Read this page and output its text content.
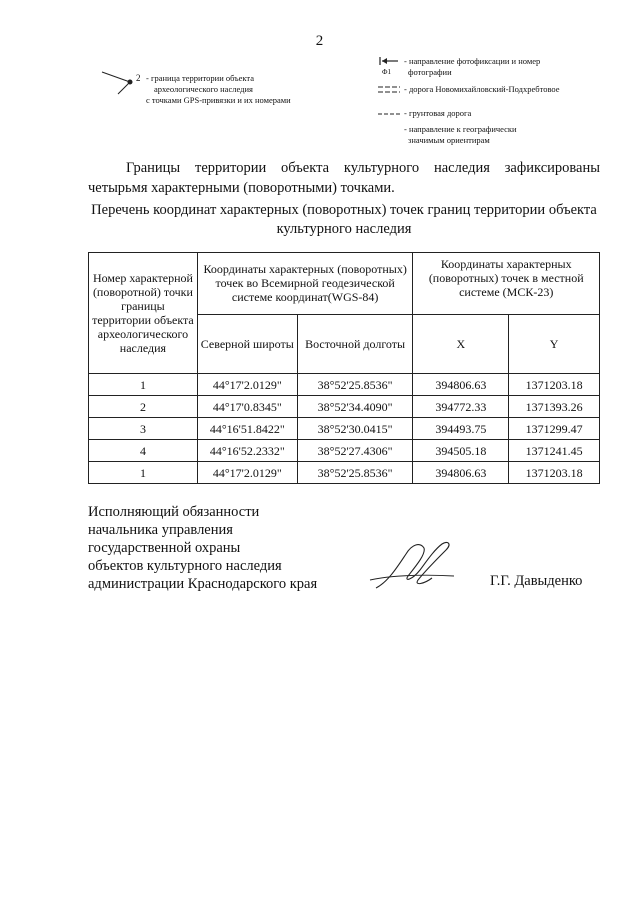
2
2 - граница территории объекта
археологического наследия
с точками GPS-привязки и их номерами
Ф1
- направление фотофиксации и номер
фотографии
- дорога Новомихайловский-Подхребтовое
- грунтовая дорога
- направление к географически
значимым ориентирам
Границы территории объекта культурного наследия зафиксированы четырьмя характерными (поворотными) точками.
Перечень координат характерных (поворотных) точек границ территории объекта культурного наследия
Номер характерной (поворотной) точки границы территории объекта археологического наследия	Координаты характерных (поворотных) точек во Всемирной геодезической системе координат(WGS-84)		Координаты характерных (поворотных) точек в местной системе (МСК-23)	
	Северной широты	Восточной долготы	X	Y
1	44°17'2.0129"	38°52'25.8536"	394806.63	1371203.18
2	44°17'0.8345"	38°52'34.4090"	394772.33	1371393.26
3	44°16'51.8422"	38°52'30.0415"	394493.75	1371299.47
4	44°16'52.2332"	38°52'27.4306"	394505.18	1371241.45
1	44°17'2.0129"	38°52'25.8536"	394806.63	1371203.18
Исполняющий обязанности
начальника управления
государственной охраны
объектов культурного наследия
администрации Краснодарского края	Г.Г. Давыденко
